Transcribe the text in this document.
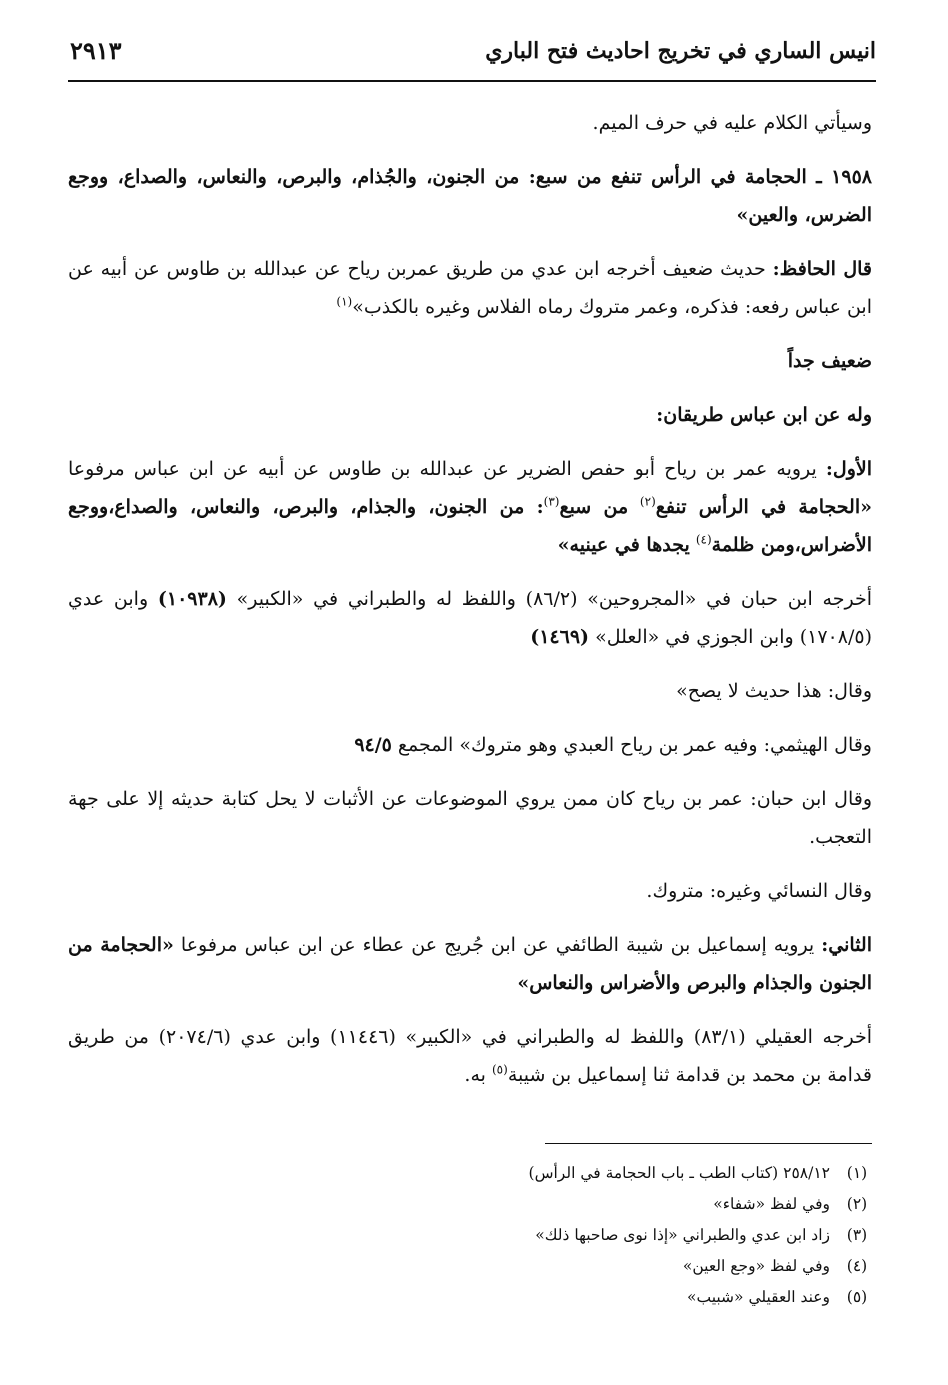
انيس الساري في تخريج احاديث فتح الباري
٢٩١٣

وسيأتي الكلام عليه في حرف الميم.

١٩٥٨ ـ الحجامة في الرأس تنفع من سبع: من الجنون، والجُذام، والبرص، والنعاس، والصداع، ووجع الضرس، والعين»

قال الحافظ: حديث ضعيف أخرجه ابن عدي من طريق عمربن رياح عن عبدالله بن طاوس عن أبيه عن ابن عباس رفعه: فذكره، وعمر متروك رماه الفلاس وغيره بالكذب»$^{(١)}$

ضعيف جداً

وله عن ابن عباس طريقان:

الأول: يرويه عمر بن رياح أبو حفص الضرير عن عبدالله بن طاوس عن أبيه عن ابن عباس مرفوعا «الحجامة في الرأس تنفع$^{(٢)}$ من سبع$^{(٣)}$: من الجنون، والجذام، والبرص، والنعاس، والصداع،ووجع الأضراس،ومن ظلمة$^{(٤)}$ يجدها في عينيه»

أخرجه ابن حبان في «المجروحين» (٨٦/٢) واللفظ له والطبراني في «الكبير» (١٠٩٣٨) وابن عدي (١٧٠٨/٥) وابن الجوزي في «العلل» (١٤٦٩)

وقال: هذا حديث لا يصح»

وقال الهيثمي: وفيه عمر بن رياح العبدي وهو متروك» المجمع ٩٤/٥

وقال ابن حبان: عمر بن رياح كان ممن يروي الموضوعات عن الأثبات لا يحل كتابة حديثه إلا على جهة التعجب.

وقال النسائي وغيره: متروك.

الثاني: يرويه إسماعيل بن شيبة الطائفي عن ابن جُريج عن عطاء عن ابن عباس مرفوعا «الحجامة من الجنون والجذام والبرص والأضراس والنعاس»

أخرجه العقيلي (٨٣/١) واللفظ له والطبراني في «الكبير» (١١٤٤٦) وابن عدي (٢٠٧٤/٦) من طريق قدامة بن محمد بن قدامة ثنا إسماعيل بن شيبة$^{(٥)}$ به.

(١)
٢٥٨/١٢ (كتاب الطب ـ باب الحجامة في الرأس)
(٢)
وفي لفظ «شفاء»
(٣)
زاد ابن عدي والطبراني «إذا نوى صاحبها ذلك»
(٤)
وفي لفظ «وجع العين»
(٥)
وعند العقيلي «شبيب»
